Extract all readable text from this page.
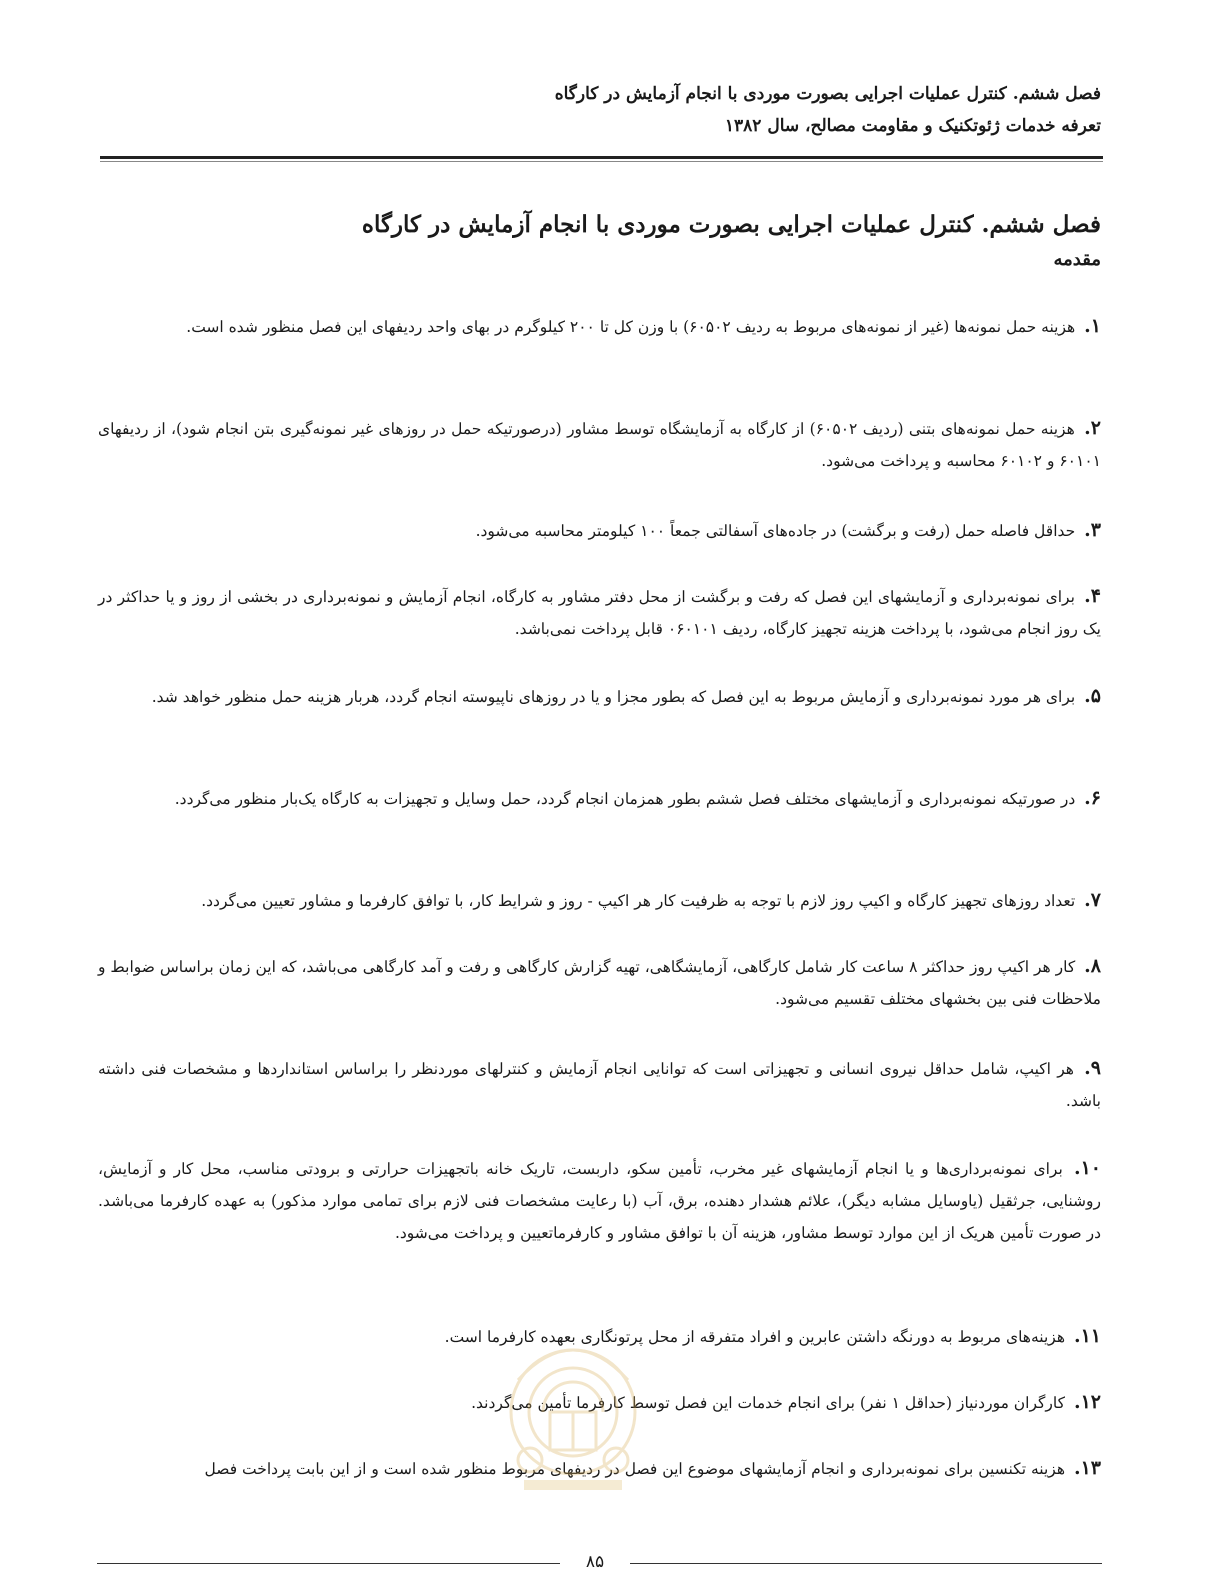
فصل ششم. کنترل عملیات اجرایی بصورت موردی با انجام آزمایش در کارگاه
تعرفه خدمات ژئوتکنیک و مقاومت مصالح، سال ۱۳۸۲
فصل ششم. کنترل عملیات اجرایی بصورت موردی با انجام آزمایش در کارگاه
مقدمه

۱. هزینه حمل نمونه‌ها (غیر از نمونه‌های مربوط به ردیف ۶۰۵۰۲) با وزن کل تا ۲۰۰ کیلوگرم در بهای واحد ردیفهای این فصل منظور شده است.

۲. هزینه حمل نمونه‌های بتنی (ردیف ۶۰۵۰۲) از کارگاه به آزمایشگاه توسط مشاور (درصورتیکه حمل در روزهای غیر نمونه‌گیری بتن انجام شود)، از ردیفهای ۶۰۱۰۱ و ۶۰۱۰۲ محاسبه و پرداخت می‌شود.

۳. حداقل فاصله حمل (رفت و برگشت) در جاده‌های آسفالتی جمعاً ۱۰۰ کیلومتر محاسبه می‌شود.

۴. برای نمونه‌برداری و آزمایشهای این فصل که رفت و برگشت از محل دفتر مشاور به کارگاه، انجام آزمایش و نمونه‌برداری در بخشی از روز و یا حداکثر در یک روز انجام می‌شود، با پرداخت هزینه تجهیز کارگاه، ردیف ۰۶۰۱۰۱ قابل پرداخت نمی‌باشد.

۵. برای هر مورد نمونه‌برداری و آزمایش مربوط به این فصل که بطور مجزا و یا در روزهای ناپیوسته انجام گردد، هربار هزینه حمل منظور خواهد شد.

۶. در صورتیکه نمونه‌برداری و آزمایشهای مختلف فصل ششم بطور همزمان انجام گردد، حمل وسایل و تجهیزات به کارگاه یک‌بار منظور می‌گردد.

۷. تعداد روزهای تجهیز کارگاه و اکیپ روز لازم با توجه به ظرفیت کار هر اکیپ - روز و شرایط کار، با توافق کارفرما و مشاور تعیین می‌گردد.

۸. کار هر اکیپ روز حداکثر ۸ ساعت کار شامل کارگاهی، آزمایشگاهی، تهیه گزارش کارگاهی و رفت و آمد کارگاهی می‌باشد، که این زمان براساس ضوابط و ملاحظات فنی بین بخشهای مختلف تقسیم می‌شود.

۹. هر اکیپ، شامل حداقل نیروی انسانی و تجهیزاتی است که توانایی انجام آزمایش و کنترلهای موردنظر را براساس استانداردها و مشخصات فنی داشته باشد.

۱۰. برای نمونه‌برداری‌ها و یا انجام آزمایشهای غیر مخرب، تأمین سکو، داربست، تاریک خانه باتجهیزات حرارتی و برودتی مناسب، محل کار و آزمایش، روشنایی، جرثقیل (یاوسایل مشابه دیگر)، علائم هشدار دهنده، برق، آب (با رعایت مشخصات فنی لازم برای تمامی موارد مذکور) به عهده کارفرما می‌باشد. در صورت تأمین هریک از این موارد توسط مشاور، هزینه آن با توافق مشاور و کارفرماتعیین و پرداخت می‌شود.

۱۱. هزینه‌های مربوط به دورنگه داشتن عابرین و افراد متفرقه از محل پرتونگاری بعهده کارفرما است.

۱۲. کارگران موردنیاز (حداقل ۱ نفر) برای انجام خدمات این فصل توسط کارفرما تأمین می‌گردند.

۱۳. هزینه تکنسین برای نمونه‌برداری و انجام آزمایشهای موضوع این فصل در ردیفهای مربوط منظور شده است و از این بابت پرداخت فصل

۸۵
